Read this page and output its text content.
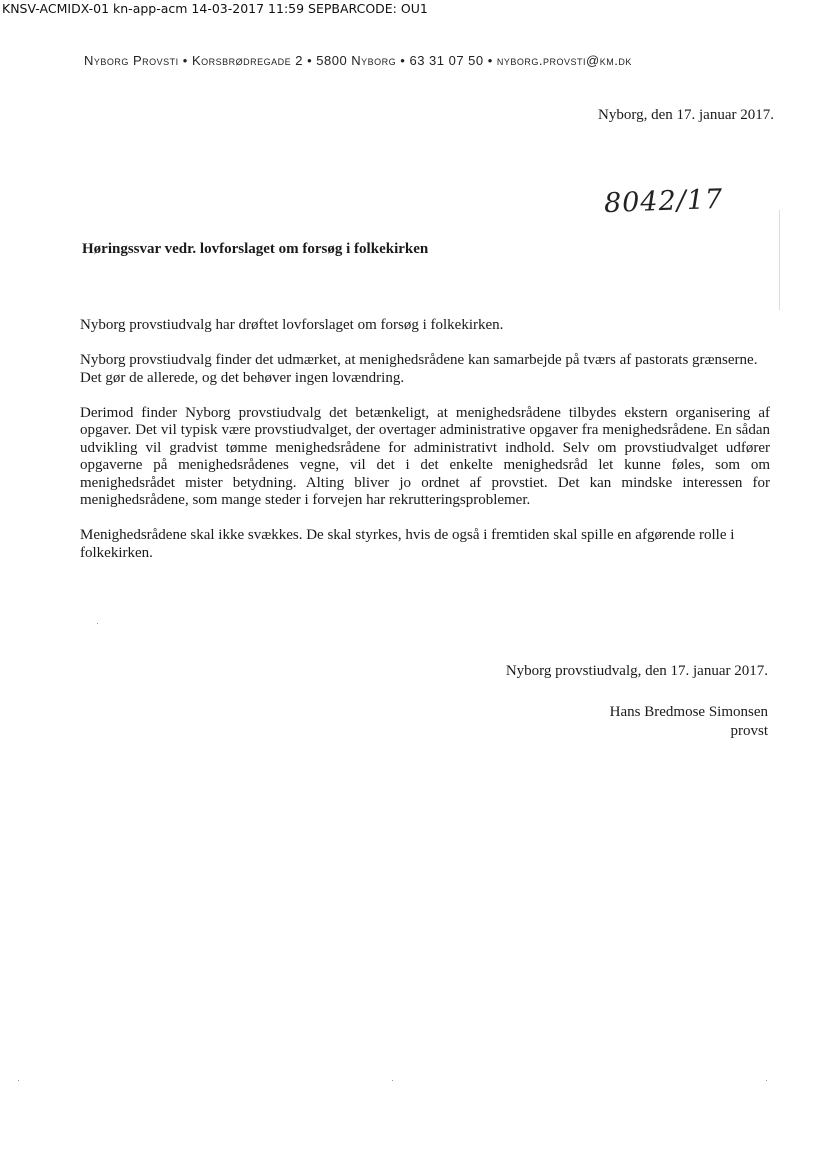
KNSV-ACMIDX-01 kn-app-acm 14-03-2017 11:59 SEPBARCODE: OU1
Nyborg Provsti • Korsbrødregade 2 • 5800 Nyborg • 63 31 07 50 • nyborg.provsti@km.dk
Nyborg, den 17. januar 2017.
8042/17
Høringssvar vedr. lovforslaget om forsøg i folkekirken

Nyborg provstiudvalg har drøftet lovforslaget om forsøg i folkekirken.

Nyborg provstiudvalg finder det udmærket, at menighedsrådene kan samarbejde på tværs af pastorats grænserne. Det gør de allerede, og det behøver ingen lovændring.

Derimod finder Nyborg provstiudvalg det betænkeligt, at menighedsrådene tilbydes ekstern organisering af opgaver. Det vil typisk være provstiudvalget, der overtager administrative opgaver fra menighedsrådene. En sådan udvikling vil gradvist tømme menighedsrådene for administrativt indhold. Selv om provstiudvalget udfører opgaverne på menighedsrådenes vegne, vil det i det enkelte menighedsråd let kunne føles, som om menighedsrådet mister betydning. Alting bliver jo ordnet af provstiet. Det kan mindske interessen for menighedsrådene, som mange steder i forvejen har rekrutteringsproblemer.

Menighedsrådene skal ikke svækkes. De skal styrkes, hvis de også i fremtiden skal spille en afgørende rolle i folkekirken.

Nyborg provstiudvalg, den 17. januar 2017.
Hans Bredmose Simonsen
provst
